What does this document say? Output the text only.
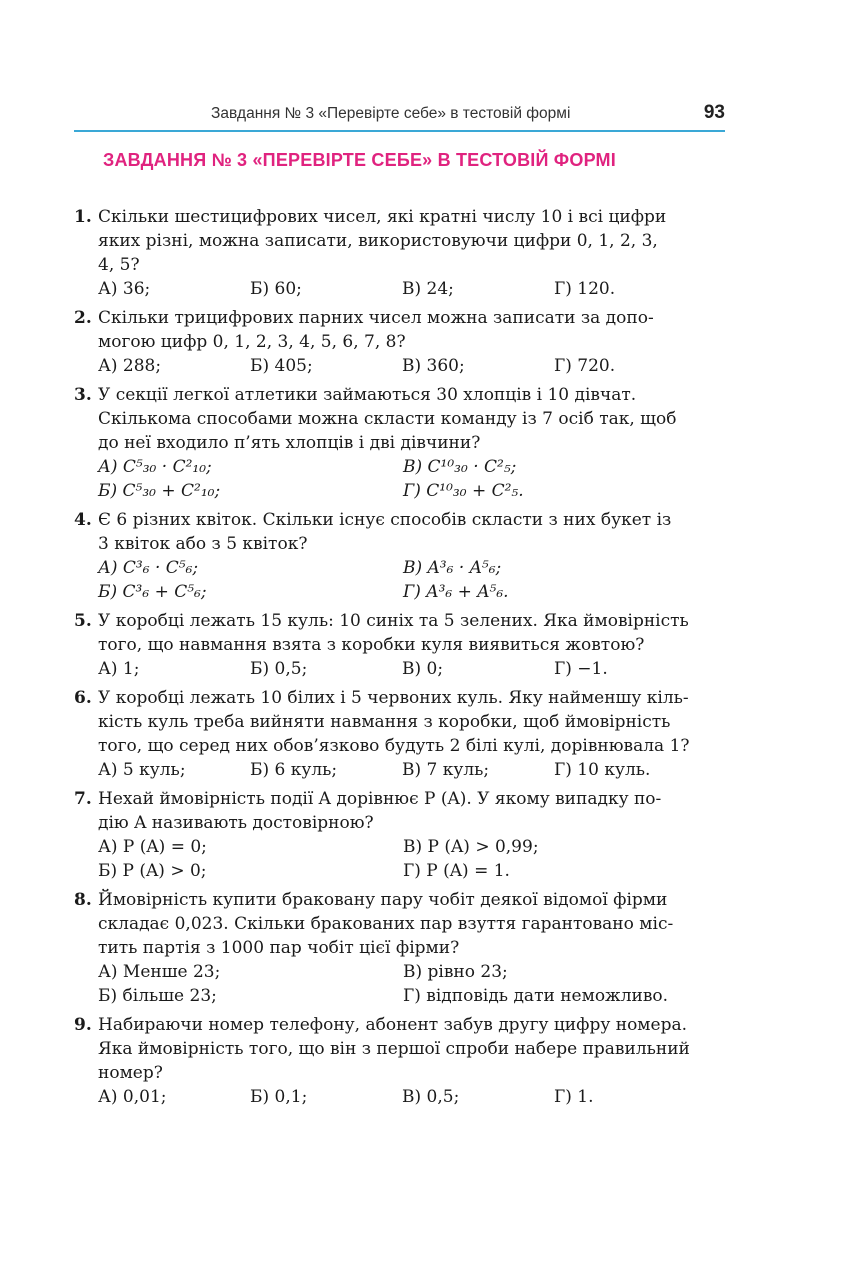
Завдання № 3 «Перевірте себе» в тестовій формі	93
ЗАВДАННЯ № 3 «ПЕРЕВІРТЕ СЕБЕ» В ТЕСТОВІЙ ФОРМІ
1. Скільки шестицифрових чисел, які кратні числу 10 і всі цифри
яких різні, можна записати, використовуючи цифри 0, 1, 2, 3,
4, 5?
А) 36;	Б) 60;	В) 24;	Г) 120.
2. Скільки трицифрових парних чисел можна записати за допо-
могою цифр 0, 1, 2, 3, 4, 5, 6, 7, 8?
А) 288;	Б) 405;	В) 360;	Г) 720.
3. У секції легкої атлетики займаються 30 хлопців і 10 дівчат.
Скількома способами можна скласти команду із 7 осіб так, щоб
до неї входило п’ять хлопців і дві дівчини?
А) C⁵₃₀ · C²₁₀;	В) C¹⁰₃₀ · C²₅;
Б) C⁵₃₀ + C²₁₀;	Г) C¹⁰₃₀ + C²₅.
4. Є 6 різних квіток. Скільки існує способів скласти з них букет із
3 квіток або з 5 квіток?
А) C³₆ · C⁵₆;	В) A³₆ · A⁵₆;
Б) C³₆ + C⁵₆;	Г) A³₆ + A⁵₆.
5. У коробці лежать 15 куль: 10 синіх та 5 зелених. Яка ймовірність
того, що навмання взята з коробки куля виявиться жовтою?
А) 1;	Б) 0,5;	В) 0;	Г) −1.
6. У коробці лежать 10 білих і 5 червоних куль. Яку найменшу кіль-
кість куль треба вийняти навмання з коробки, щоб ймовірність
того, що серед них обов’язково будуть 2 білі кулі, дорівнювала 1?
А) 5 куль;	Б) 6 куль;	В) 7 куль;	Г) 10 куль.
7. Нехай ймовірність події A дорівнює P (A). У якому випадку по-
дію A називають достовірною?
А) P (A) = 0;	В) P (A) > 0,99;
Б) P (A) > 0;	Г) P (A) = 1.
8. Ймовірність купити браковану пару чобіт деякої відомої фірми
складає 0,023. Скільки бракованих пар взуття гарантовано міс-
тить партія з 1000 пар чобіт цієї фірми?
А) Менше 23;	В) рівно 23;
Б) більше 23;	Г) відповідь дати неможливо.
9. Набираючи номер телефону, абонент забув другу цифру номера.
Яка ймовірність того, що він з першої спроби набере правильний
номер?
А) 0,01;	Б) 0,1;	В) 0,5;	Г) 1.
